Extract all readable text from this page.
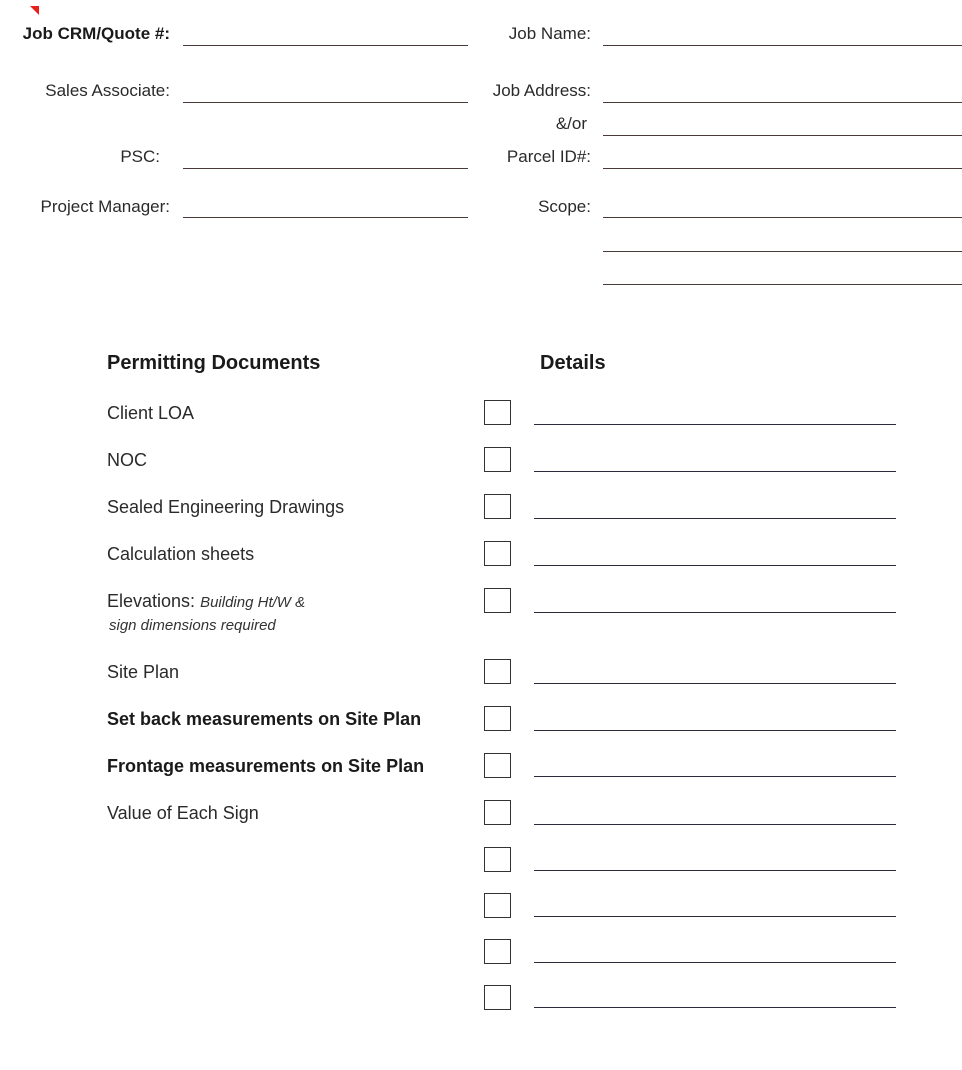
Job CRM/Quote #:
Sales Associate:
PSC:
Project Manager:
Job Name:
Job Address:
&/or
Parcel ID#:
Scope:
Permitting Documents	Details
Client LOA
NOC
Sealed Engineering Drawings
Calculation sheets
Elevations: Building Ht/W &
sign dimensions required
Site Plan
Set back measurements on Site Plan
Frontage measurements on Site Plan
Value of Each Sign
